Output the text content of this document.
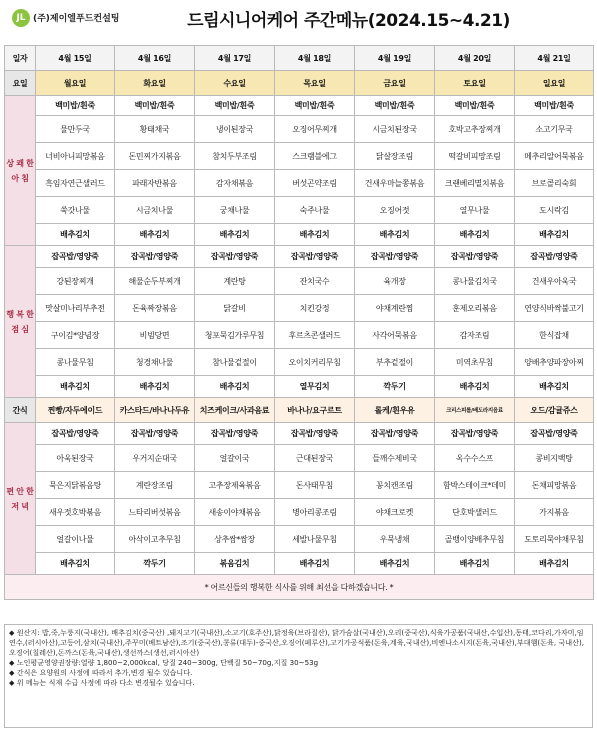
JL (주)제이엘푸드컨설팅	드림시니어케어 주간메뉴(2024.15~4.21)
일자	4월 15일	4월 16일	4월 17일	4월 18일	4월 19일	4월 20일	4월 21일
요일	월요일	화요일	수요일	목요일	금요일	토요일	일요일
상 쾌 한 아 침	백미밥/흰죽	백미밥/흰죽	백미밥/흰죽	백미밥/흰죽	백미밥/흰죽	백미밥/흰죽	백미밥/흰죽
	물만두국	황태채국	냉이된장국	오징어무찌개	시금치된장국	호박고추장찌개	소고기무국
	너비아니피망볶음	돈민찌가지볶음	참치두부조림	스크램블에그	닭살장조림	떡갈비피망조림	메추리알어묵볶음
	흑임자연근샐러드	파래자반볶음	감자채볶음	버섯곤약조림	건새우마늘쫑볶음	크랜베리멸치볶음	브로콜리숙회
	쑥갓나물	시금치나물	궁채나물	숙주나물	오징어젓	열무나물	도시락김
	배추김치	배추김치	배추김치	배추김치	배추김치	배추김치	배추김치
행 복 한 점 심	잡곡밥/영양죽	잡곡밥/영양죽	잡곡밥/영양죽	잡곡밥/영양죽	잡곡밥/영양죽	잡곡밥/영양죽	잡곡밥/영양죽
	강된장찌개	해물순두부찌개	계란탕	잔치국수	육개장	콩나물김치국	건새우아욱국
	맛살미나리부추전	돈육짜장볶음	닭갈비	치킨강정	야채계란찜	훈제오리볶음	연양식바싹불고기
	구이김*양념장	비빔당면	청포묵김가루무침	후르츠콘샐러드	사각어묵볶음	감자조림	한식잡채
	콩나물무침	청경채나물	참나물겉절이	오이치커리무침	부추겉절이	미역초무침	양배추양파장아찌
	배추김치	배추김치	배추김치	열무김치	깍두기	배추김치	배추김치
간식	찐빵/자두에이드	카스타드/바나나두유	치즈케이크/사과음료	바나나/요구르트	롤케/흰우유	크리스피롤/배도라지음료	오드/감귤쥬스
편 안 한 저 녁	잡곡밥/영양죽	잡곡밥/영양죽	잡곡밥/영양죽	잡곡밥/영양죽	잡곡밥/영양죽	잡곡밥/영양죽	잡곡밥/영양죽
	아욱된장국	우거지순대국	얼갈이국	근대된장국	들깨수제비국	옥수수스프	콩비지백탕
	묵은지닭볶음탕	계란장조림	고추장제육볶음	돈사태무침	꽁치캔조림	함박스테이크*데미	돈채피망볶음
	새우젓호박볶음	느타리버섯볶음	새송이야채볶음	병아리콩조림	야채크로켓	단호박샐러드	가지볶음
	얼갈이나물	아삭이고추무침	상추쌈*쌈장	세발나물무침	우묵냉채	골뱅이양배추무침	도토리묵야채무침
	배추김치	깍두기	볶음김치	배추김치	배추김치	배추김치	배추김치
* 어르신들의 행복한 식사를 위해 최선을 다하겠습니다. *							

◆ 원산지: 밥,죽,누룽지(국내산), 배추김치(중국산) ,돼지고기(국내산),소고기(호주산),닭정육(브라질산), 닭가슴살(국내산),오리(중국산),식육가공품(국내산,수입산),동태,코다리,가자미,임연수,(러시아산),고등어,삼치(국내산),주꾸미(베트남산),조기(중국산),콩류(대두)-중국산,오징어(페루산),고기가공식품(돈육,계육,국내산),비엔나소시지(돈육,국내산),부대햄(돈육, 국내산),오징어(칠레산),돈까스(돈육,국내산),생선까스(생선,러시아산)

◆ 노인평균영양권장량:열량 1,800~2,000kcal, 당질 240~300g, 단백질 50~70g,지질 30~53g

◆ 간식은 요양원의 사정에 따라서 추가,변경 될수 있습니다.

◆ 위 메뉴는 식재 수급 사정에 따라 다소 변경될수 있습니다.
